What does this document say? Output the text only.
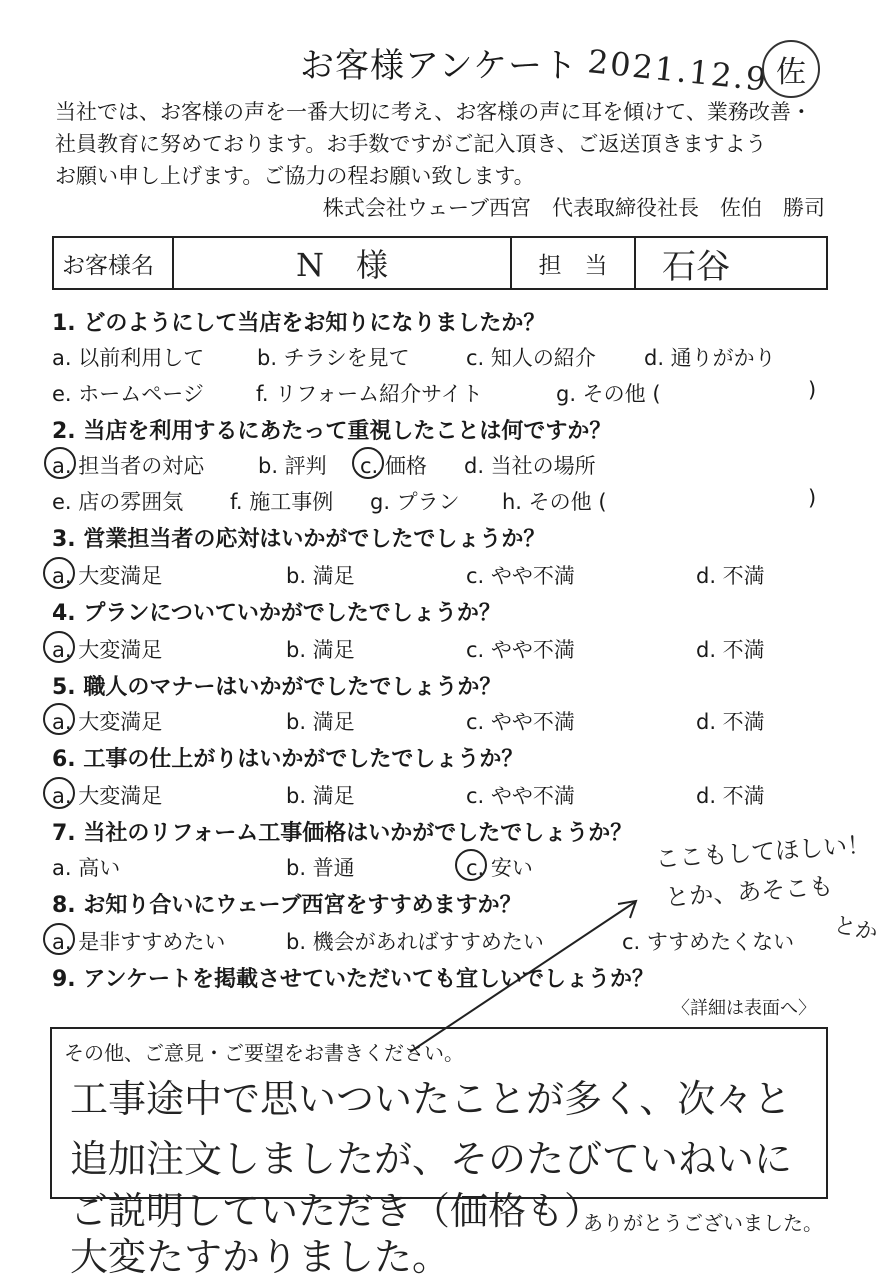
お客様アンケート 2021.12.9 佐
当社では、お客様の声を一番大切に考え、お客様の声に耳を傾けて、業務改善・
社員教育に努めております。お手数ですがご記入頂き、ご返送頂きますよう
お願い申し上げます。ご協力の程お願い致します。
株式会社ウェーブ西宮　代表取締役社長　佐伯　勝司
お客様名	N　様	担　当 石谷
1. どのようにして当店をお知りになりましたか？
a. 以前利用して	b. チラシを見て	c. 知人の紹介 d. 通りがかり
e. ホームページ f. リフォーム紹介サイト	g. その他 (	)
2. 当店を利用するにあたって重視したことは何ですか？
a. 担当者の対応	b. 評判 c. 価格 d. 当社の場所
e. 店の雰囲気 f. 施工事例 g. プラン h. その他 (	)
3. 営業担当者の応対はいかがでしたでしょうか？
a. 大変満足	b. 満足	c. やや不満	d. 不満
4. プランについていかがでしたでしょうか？
a. 大変満足	b. 満足	c. やや不満	d. 不満
5. 職人のマナーはいかがでしたでしょうか？
a. 大変満足	b. 満足	c. やや不満	d. 不満
6. 工事の仕上がりはいかがでしたでしょうか？
a. 大変満足	b. 満足	c. やや不満	d. 不満
7. 当社のリフォーム工事価格はいかがでしたでしょうか？
a. 高い	b. 普通	c. 安い
8. お知り合いにウェーブ西宮をすすめますか？
a. 是非すすめたい	b. 機会があればすすめたい	c. すすめたくない
9. アンケートを掲載させていただいても宜しいでしょうか？
〈詳細は表面へ〉
ここもしてほしい！
とか、あそこも
とか
その他、ご意見・ご要望をお書きください。
工事途中で思いついたことが多く、次々と
追加注文しましたが、そのたびていねいに
ご説明していただき（価格も）
大変たすかりました。
ありがとうございました。
